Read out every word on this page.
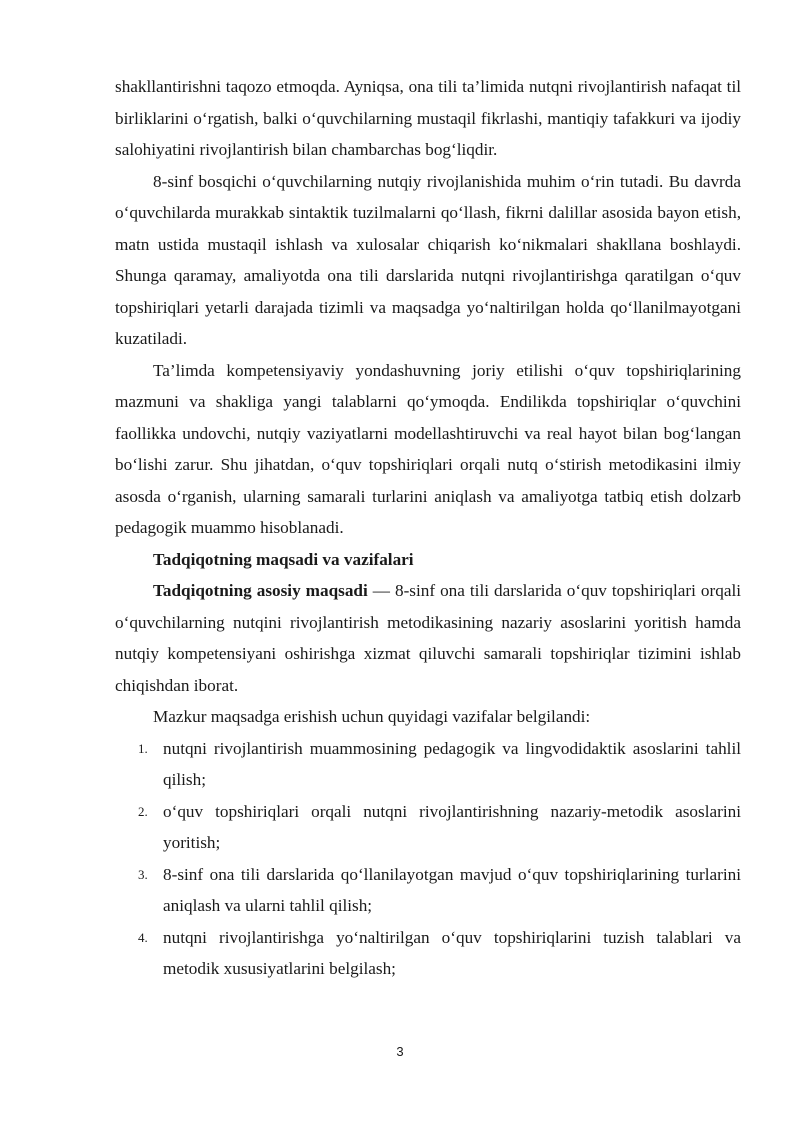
shakllantirishni taqozo etmoqda. Ayniqsa, ona tili ta’limida nutqni rivojlantirish nafaqat til birliklarini o‘rgatish, balki o‘quvchilarning mustaqil fikrlashi, mantiqiy tafakkuri va ijodiy salohiyatini rivojlantirish bilan chambarchas bog‘liqdir.

8-sinf bosqichi o‘quvchilarning nutqiy rivojlanishida muhim o‘rin tutadi. Bu davrda o‘quvchilarda murakkab sintaktik tuzilmalarni qo‘llash, fikrni dalillar asosida bayon etish, matn ustida mustaqil ishlash va xulosalar chiqarish ko‘nikmalari shakllana boshlaydi. Shunga qaramay, amaliyotda ona tili darslarida nutqni rivojlantirishga qaratilgan o‘quv topshiriqlari yetarli darajada tizimli va maqsadga yo‘naltirilgan holda qo‘llanilmayotgani kuzatiladi.

Ta’limda kompetensiyaviy yondashuvning joriy etilishi o‘quv topshiriqlarining mazmuni va shakliga yangi talablarni qo‘ymoqda. Endilikda topshiriqlar o‘quvchini faollikka undovchi, nutqiy vaziyatlarni modellashtiruvchi va real hayot bilan bog‘langan bo‘lishi zarur. Shu jihatdan, o‘quv topshiriqlari orqali nutq o‘stirish metodikasini ilmiy asosda o‘rganish, ularning samarali turlarini aniqlash va amaliyotga tatbiq etish dolzarb pedagogik muammo hisoblanadi.

Tadqiqotning maqsadi va vazifalari

Tadqiqotning asosiy maqsadi — 8-sinf ona tili darslarida o‘quv topshiriqlari orqali o‘quvchilarning nutqini rivojlantirish metodikasining nazariy asoslarini yoritish hamda nutqiy kompetensiyani oshirishga xizmat qiluvchi samarali topshiriqlar tizimini ishlab chiqishdan iborat.

Mazkur maqsadga erishish uchun quyidagi vazifalar belgilandi:

1. nutqni rivojlantirish muammosining pedagogik va lingvodidaktik asoslarini tahlil qilish;
2. o‘quv topshiriqlari orqali nutqni rivojlantirishning nazariy-metodik asoslarini yoritish;
3. 8-sinf ona tili darslarida qo‘llanilayotgan mavjud o‘quv topshiriqlarining turlarini aniqlash va ularni tahlil qilish;
4. nutqni rivojlantirishga yo‘naltirilgan o‘quv topshiriqlarini tuzish talablari va metodik xususiyatlarini belgilash;
3
